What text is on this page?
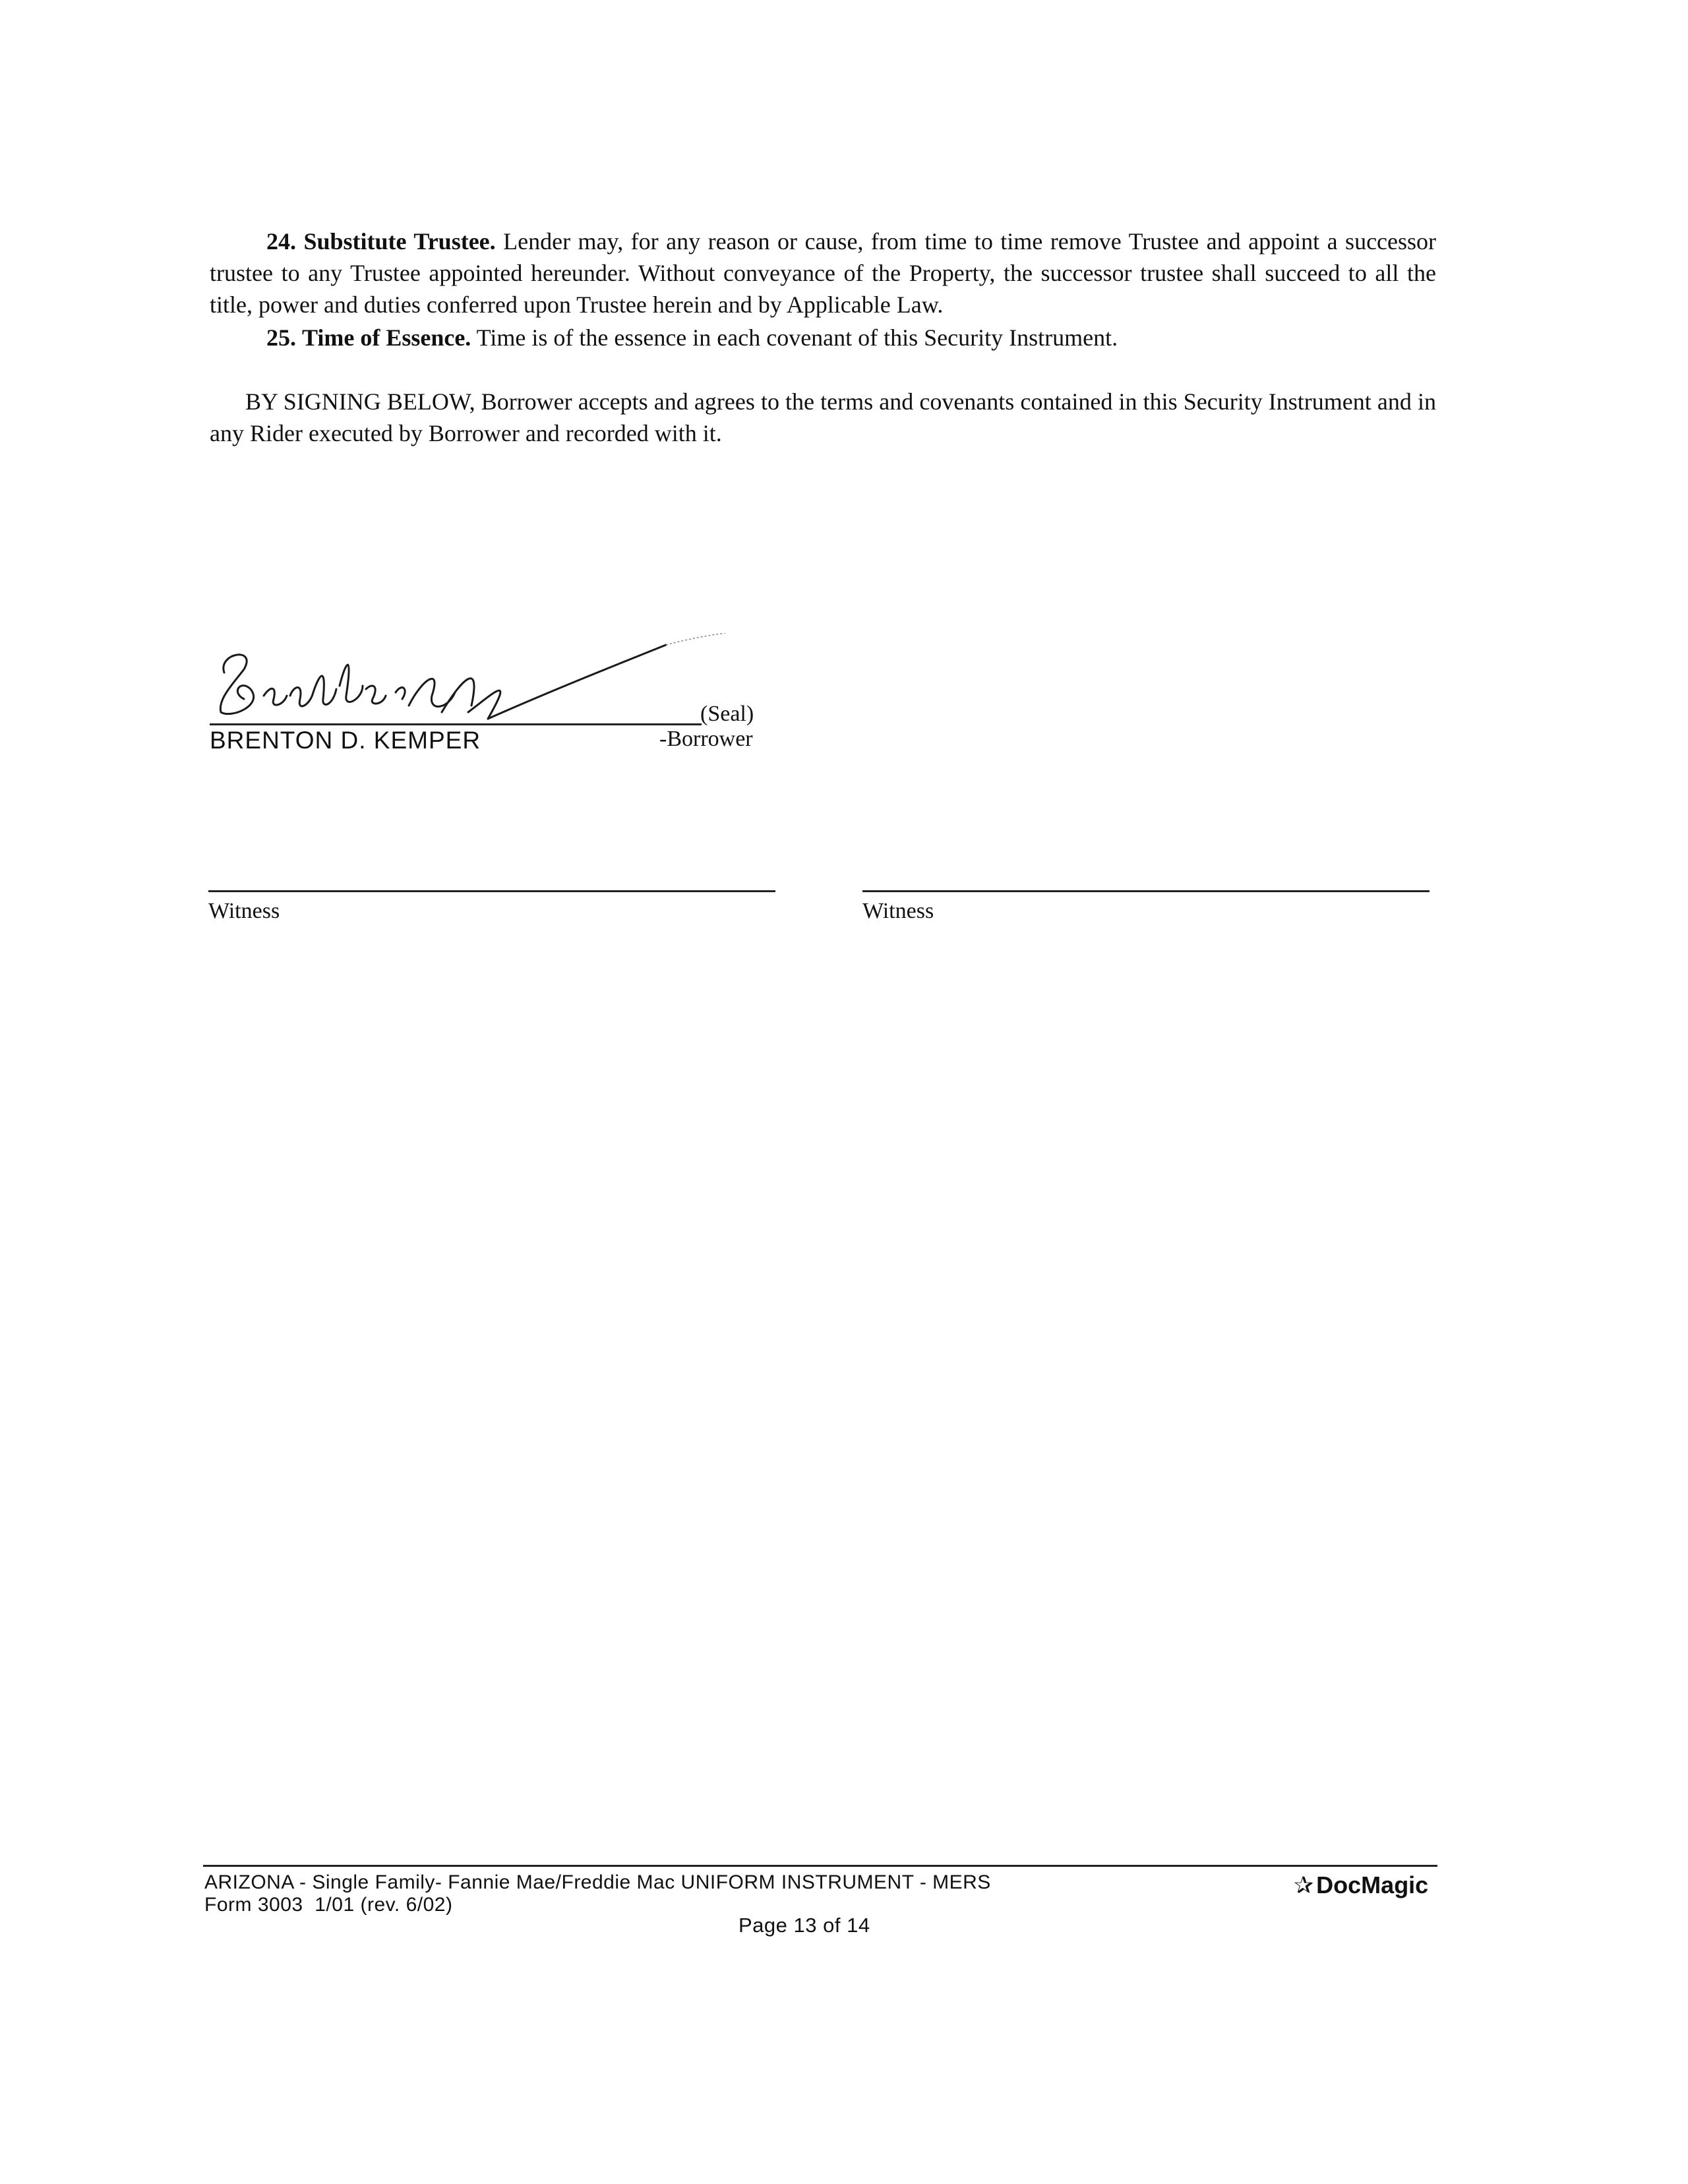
24. Substitute Trustee. Lender may, for any reason or cause, from time to time remove Trustee and appoint a successor trustee to any Trustee appointed hereunder. Without conveyance of the Property, the successor trustee shall succeed to all the title, power and duties conferred upon Trustee herein and by Applicable Law.

25. Time of Essence. Time is of the essence in each covenant of this Security Instrument.

BY SIGNING BELOW, Borrower accepts and agrees to the terms and covenants contained in this Security Instrument and in any Rider executed by Borrower and recorded with it.

(Seal)
BRENTON D. KEMPER	-Borrower
Witness	Witness
ARIZONA - Single Family- Fannie Mae/Freddie Mac UNIFORM INSTRUMENT - MERS
Form 3003  1/01 (rev. 6/02)
Page 13 of 14
✰ DocMagic
